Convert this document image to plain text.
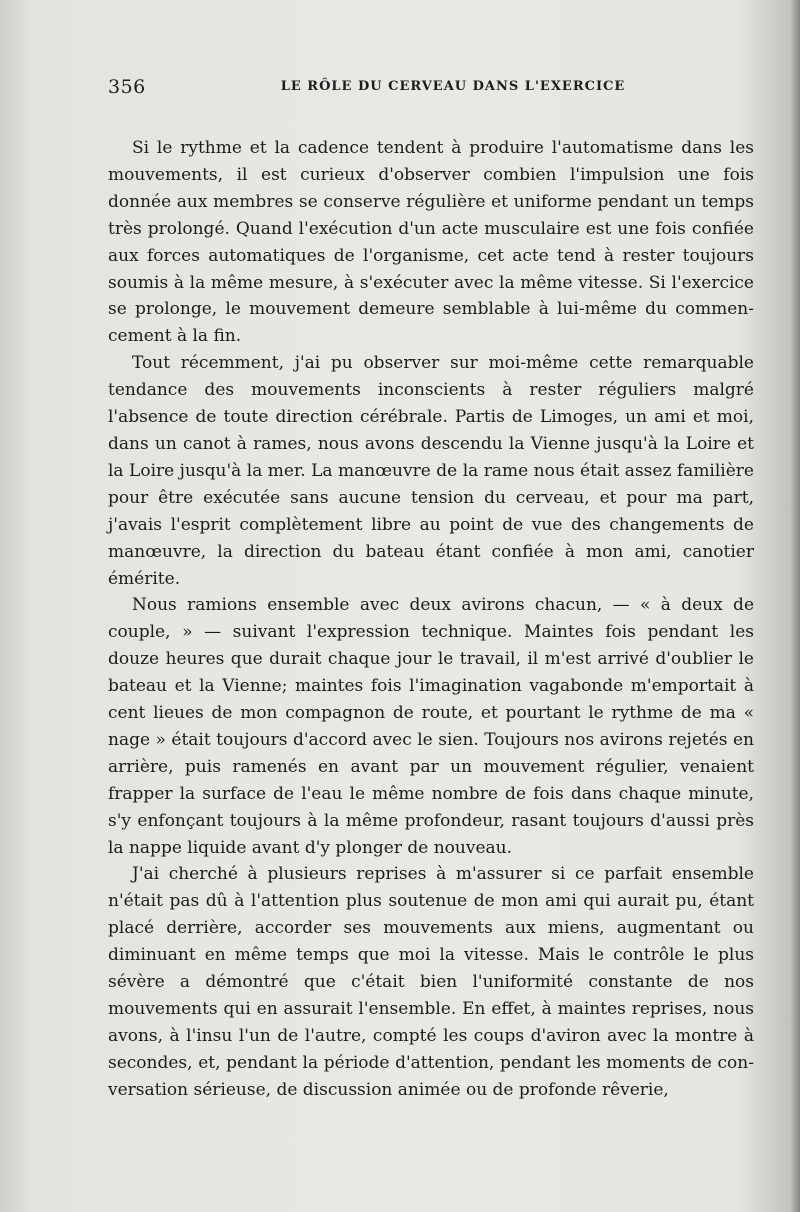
356	LE RÔLE DU CERVEAU DANS L'EXERCICE

Si le rythme et la cadence tendent à produire l'automatisme dans les mouvements, il est curieux d'observer combien l'impulsion une fois donnée aux membres se conserve régulière et uniforme pendant un temps très prolongé. Quand l'exécution d'un acte musculaire est une fois confiée aux forces automatiques de l'organisme, cet acte tend à rester toujours soumis à la même mesure, à s'exécuter avec la même vitesse. Si l'exercice se prolonge, le mouvement demeure semblable à lui-même du commencement à la fin.

Tout récemment, j'ai pu observer sur moi-même cette remarquable tendance des mouvements inconscients à rester réguliers malgré l'absence de toute direction cérébrale. Partis de Limoges, un ami et moi, dans un canot à rames, nous avons descendu la Vienne jusqu'à la Loire et la Loire jusqu'à la mer. La manœuvre de la rame nous était assez familière pour être exécutée sans aucune tension du cerveau, et pour ma part, j'avais l'esprit complètement libre au point de vue des changements de manœuvre, la direction du bateau étant confiée à mon ami, canotier émérite.

Nous ramions ensemble avec deux avirons chacun, — « à deux de couple, » — suivant l'expression technique. Maintes fois pendant les douze heures que durait chaque jour le travail, il m'est arrivé d'oublier le bateau et la Vienne; maintes fois l'imagination vagabonde m'emportait à cent lieues de mon compagnon de route, et pourtant le rythme de ma « nage » était toujours d'accord avec le sien. Toujours nos avirons rejetés en arrière, puis ramenés en avant par un mouvement régulier, venaient frapper la surface de l'eau le même nombre de fois dans chaque minute, s'y enfonçant toujours à la même profondeur, rasant toujours d'aussi près la nappe liquide avant d'y plonger de nouveau.

J'ai cherché à plusieurs reprises à m'assurer si ce parfait ensemble n'était pas dû à l'attention plus soutenue de mon ami qui aurait pu, étant placé derrière, accorder ses mouvements aux miens, augmentant ou diminuant en même temps que moi la vitesse. Mais le contrôle le plus sévère a démontré que c'était bien l'uniformité constante de nos mouvements qui en assurait l'ensemble. En effet, à maintes reprises, nous avons, à l'insu l'un de l'autre, compté les coups d'aviron avec la montre à secondes, et, pendant la période d'attention, pendant les moments de conversation sérieuse, de discussion animée ou de profonde rêverie,
